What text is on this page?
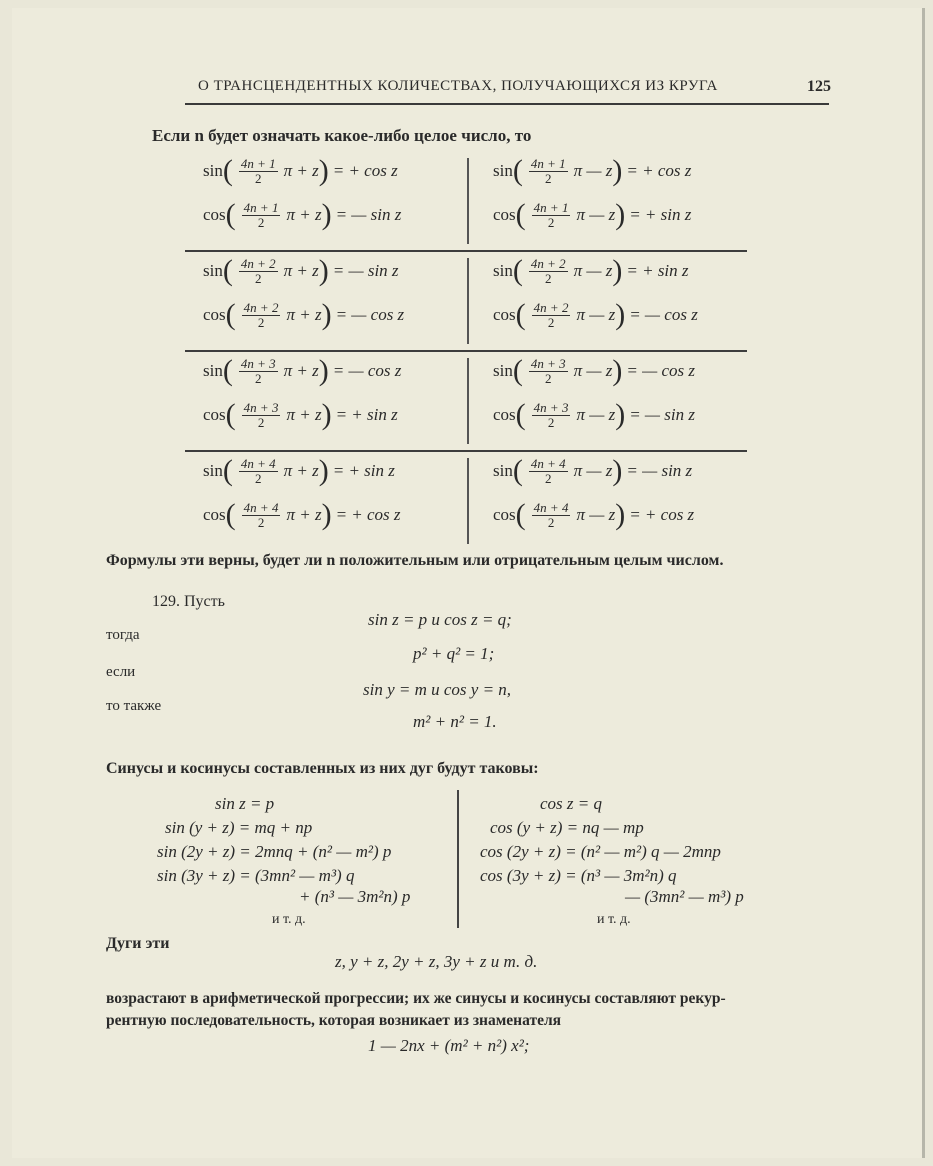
О ТРАНСЦЕНДЕНТНЫХ КОЛИЧЕСТВАХ, ПОЛУЧАЮЩИХСЯ ИЗ КРУГА	125
Если n будет означать какое-либо целое число, то
sin ( $\frac{4n + 1}{2}$ π + z ) = + cos z
cos ( $\frac{4n + 1}{2}$ π + z ) = — sin z
sin ( $\frac{4n + 1}{2}$ π — z ) = + cos z
cos ( $\frac{4n + 1}{2}$ π — z ) = + sin z
sin ( $\frac{4n + 2}{2}$ π + z ) = — sin z
cos ( $\frac{4n + 2}{2}$ π + z ) = — cos z
sin ( $\frac{4n + 2}{2}$ π — z ) = + sin z
cos ( $\frac{4n + 2}{2}$ π — z ) = — cos z
sin ( $\frac{4n + 3}{2}$ π + z ) = — cos z
cos ( $\frac{4n + 3}{2}$ π + z ) = + sin z
sin ( $\frac{4n + 3}{2}$ π — z ) = — cos z
cos ( $\frac{4n + 3}{2}$ π — z ) = — sin z
sin ( $\frac{4n + 4}{2}$ π + z ) = + sin z
cos ( $\frac{4n + 4}{2}$ π + z ) = + cos z
sin ( $\frac{4n + 4}{2}$ π — z ) = — sin z
cos ( $\frac{4n + 4}{2}$ π — z ) = + cos z
Формулы эти верны, будет ли n положительным или отрицательным целым числом.
129. Пусть
sin z = p и cos z = q;
тогда
p² + q² = 1;
если
sin y = m и cos y = n,
то также
m² + n² = 1.
Синусы и косинусы составленных из них дуг будут таковы:
sin z = p
sin (y + z) = mq + np
sin (2y + z) = 2mnq + (n² — m²) p
sin (3y + z) = (3mn² — m³) q
+ (n³ — 3m²n) p
и т. д.
cos z = q
cos (y + z) = nq — mp
cos (2y + z) = (n² — m²) q — 2mnp
cos (3y + z) = (n³ — 3m²n) q
— (3mn² — m³) p
и т. д.
Дуги эти
z, y + z, 2y + z, 3y + z и т. д.
возрастают в арифметической прогрессии; их же синусы и косинусы составляют рекур-
рентную последовательность, которая возникает из знаменателя
1 — 2nx + (m² + n²) x²;
